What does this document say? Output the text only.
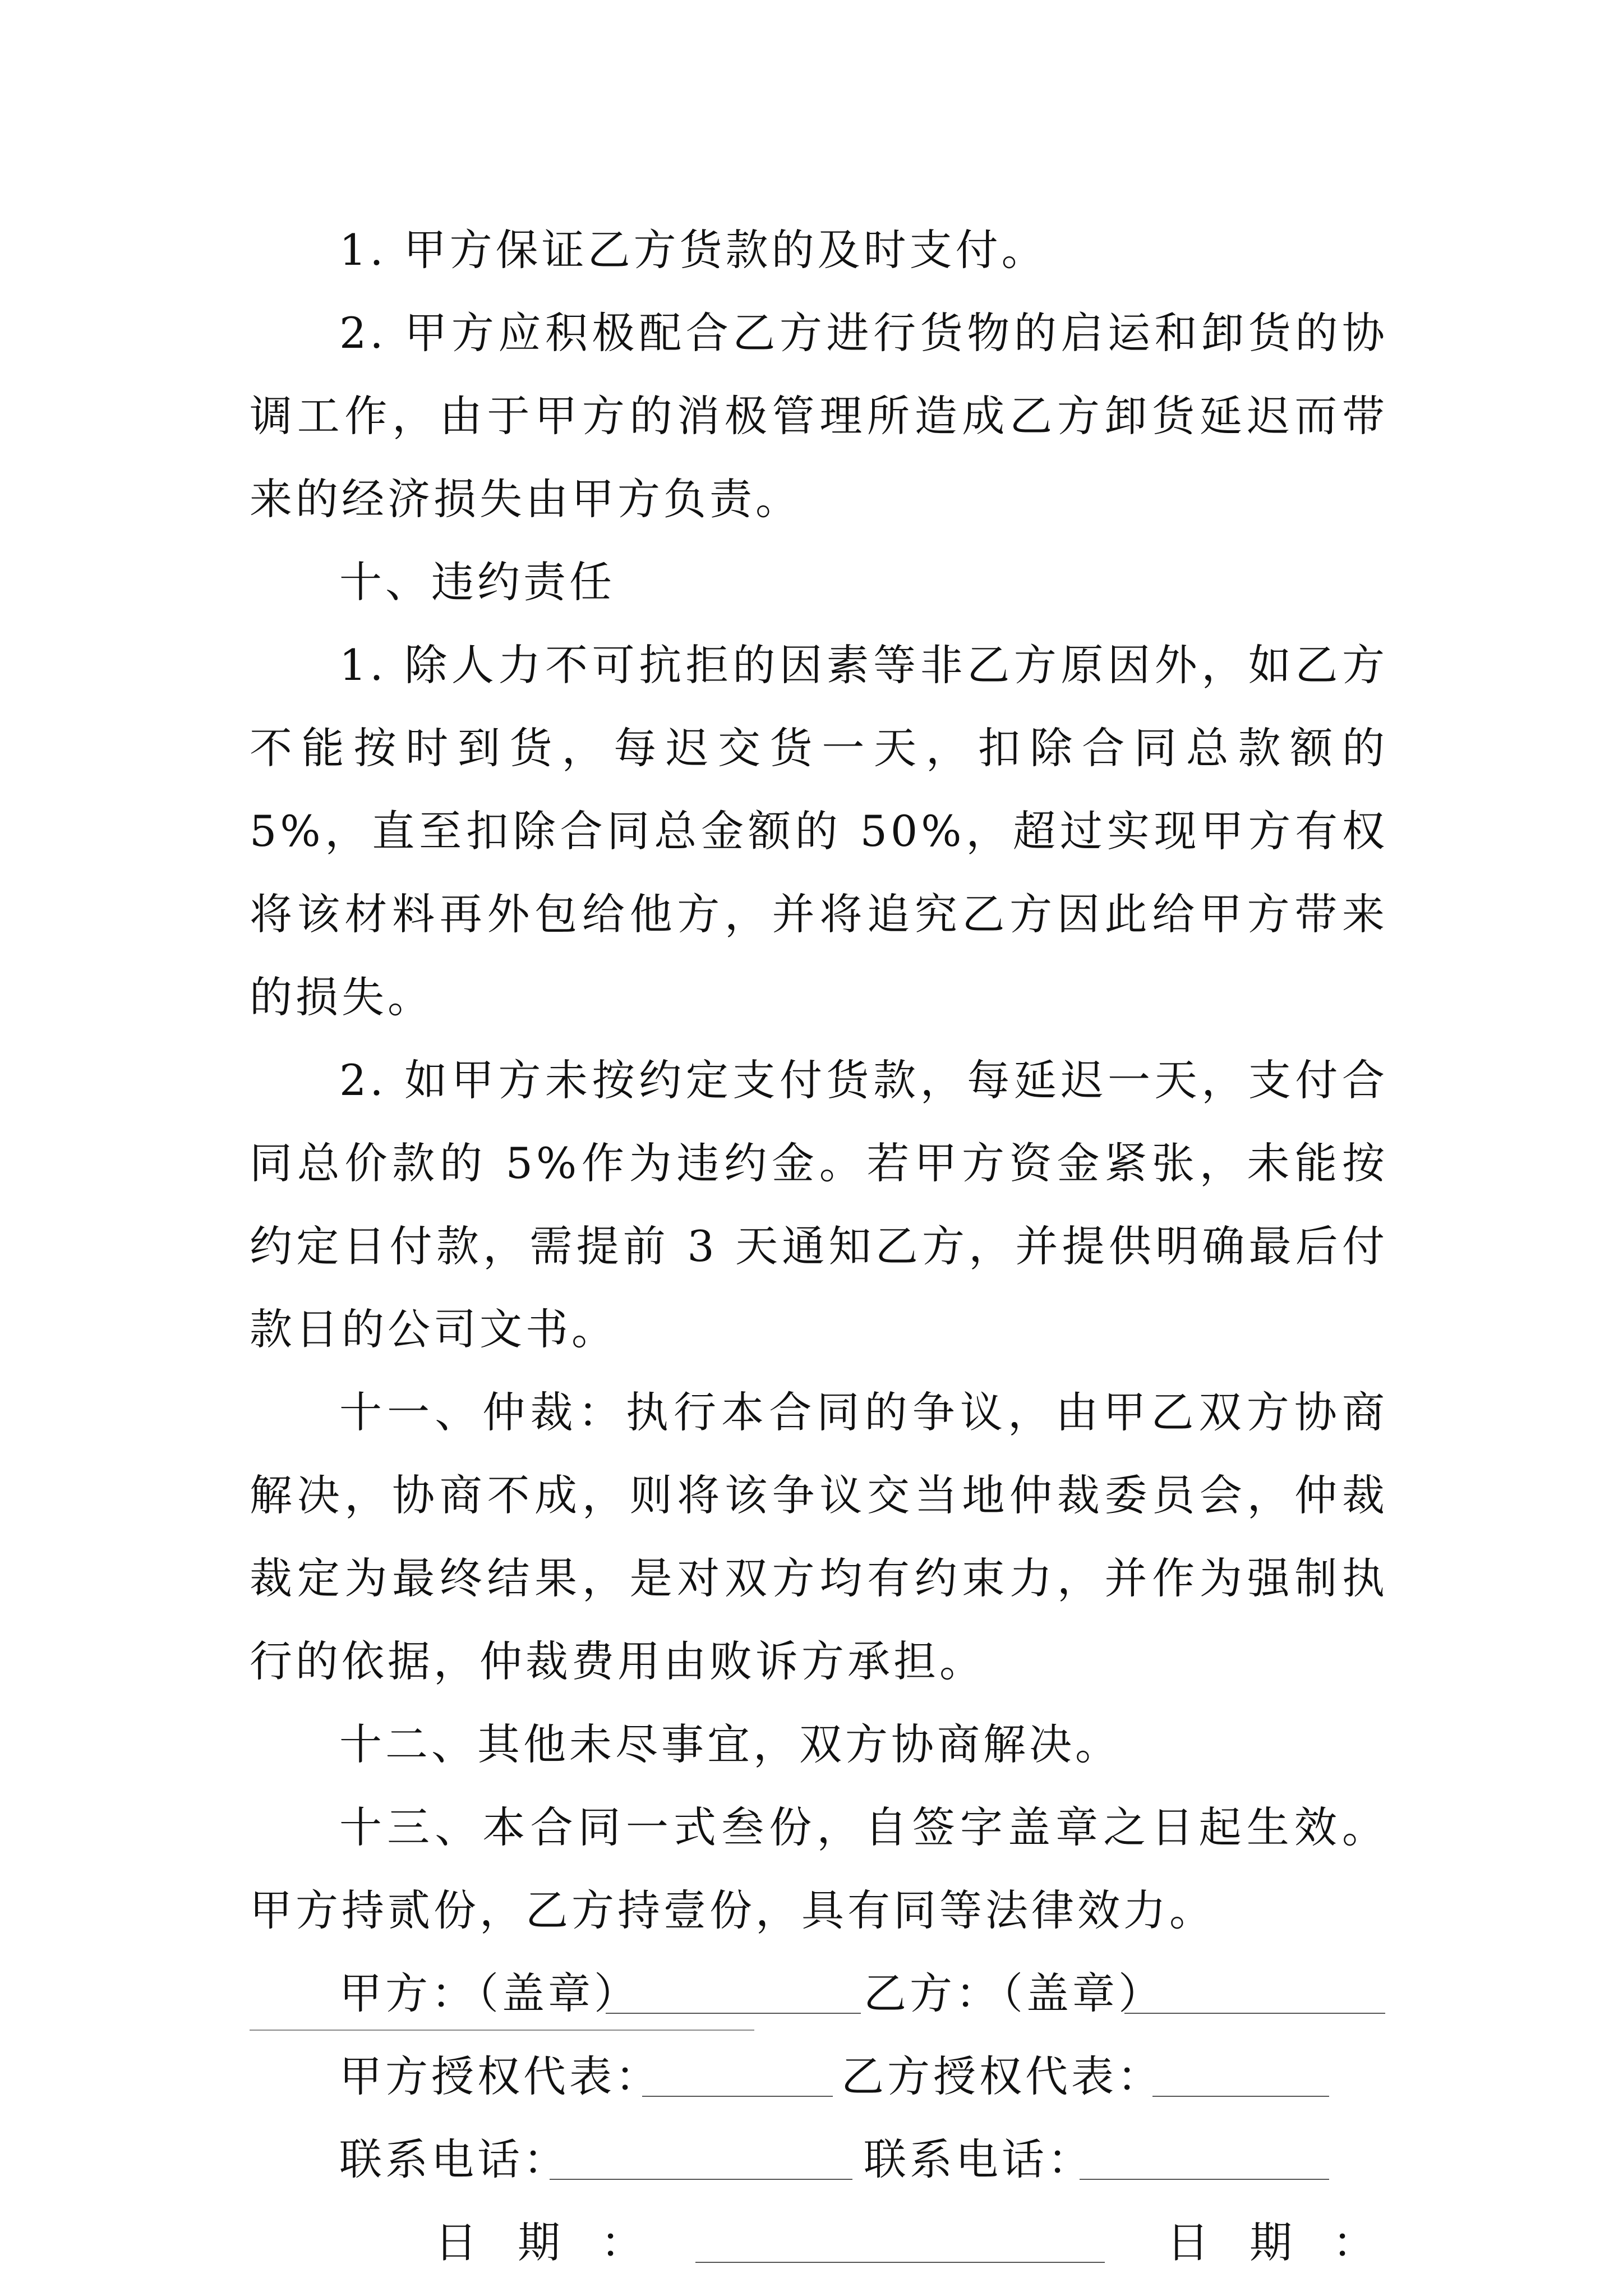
1. 甲方保证乙方货款的及时支付。

2. 甲方应积极配合乙方进行货物的启运和卸货的协调工作，由于甲方的消极管理所造成乙方卸货延迟而带来的经济损失由甲方负责。

十、违约责任

1. 除人力不可抗拒的因素等非乙方原因外，如乙方不能按时到货，每迟交货一天，扣除合同总款额的 5%，直至扣除合同总金额的 50%，超过实现甲方有权将该材料再外包给他方，并将追究乙方因此给甲方带来的损失。

2. 如甲方未按约定支付货款，每延迟一天，支付合同总价款的 5%作为违约金。若甲方资金紧张，未能按约定日付款，需提前 3 天通知乙方，并提供明确最后付款日的公司文书。

十一、仲裁：执行本合同的争议，由甲乙双方协商解决，协商不成，则将该争议交当地仲裁委员会，仲裁裁定为最终结果，是对双方均有约束力，并作为强制执行的依据，仲裁费用由败诉方承担。

十二、其他未尽事宜，双方协商解决。

十三、本合同一式叁份，自签字盖章之日起生效。甲方持贰份，乙方持壹份，具有同等法律效力。

甲方：（盖章）	乙方：（盖章）
甲方授权代表：	乙方授权代表：
联系电话：	联系电话：
日期：	日期：
